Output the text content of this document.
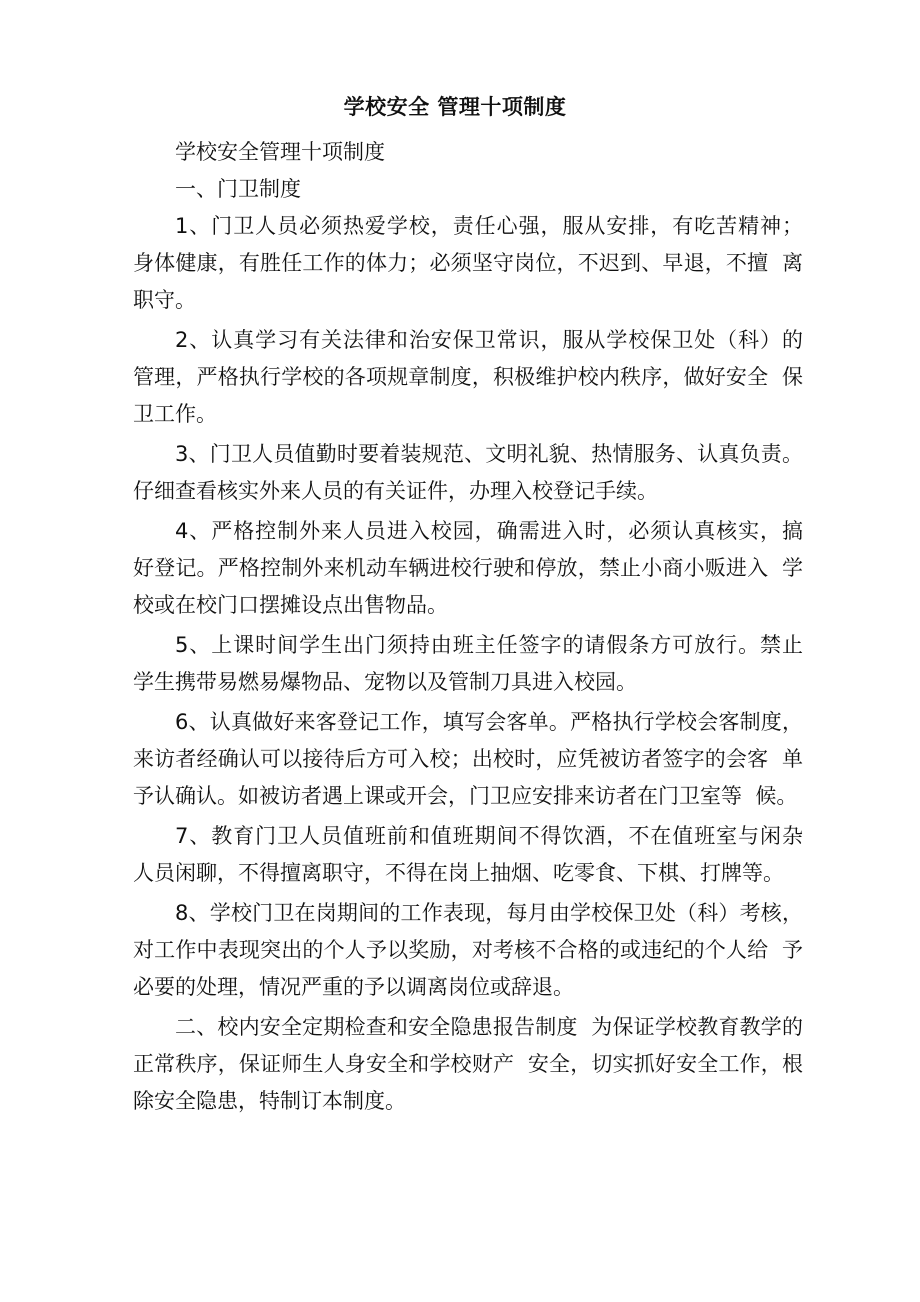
学校安全 管理十项制度

学校安全管理十项制度

一、门卫制度

1、门卫人员必须热爱学校，责任心强，服从安排，有吃苦精神；  身体健康，有胜任工作的体力；必须坚守岗位，不迟到、早退，不擅  离职守。

2、认真学习有关法律和治安保卫常识，服从学校保卫处（科）的  管理，严格执行学校的各项规章制度，积极维护校内秩序，做好安全  保卫工作。

3、门卫人员值勤时要着装规范、文明礼貌、热情服务、认真负责。  仔细查看核实外来人员的有关证件，办理入校登记手续。

4、严格控制外来人员进入校园，确需进入时，必须认真核实，搞  好登记。严格控制外来机动车辆进校行驶和停放，禁止小商小贩进入  学校或在校门口摆摊设点出售物品。

5、上课时间学生出门须持由班主任签字的请假条方可放行。禁止  学生携带易燃易爆物品、宠物以及管制刀具进入校园。

6、认真做好来客登记工作，填写会客单。严格执行学校会客制度，  来访者经确认可以接待后方可入校；出校时，应凭被访者签字的会客  单予认确认。如被访者遇上课或开会，门卫应安排来访者在门卫室等  候。

7、教育门卫人员值班前和值班期间不得饮酒，不在值班室与闲杂  人员闲聊，不得擅离职守，不得在岗上抽烟、吃零食、下棋、打牌等。

8、学校门卫在岗期间的工作表现，每月由学校保卫处（科）考核，  对工作中表现突出的个人予以奖励，对考核不合格的或违纪的个人给  予必要的处理，情况严重的予以调离岗位或辞退。

二、校内安全定期检查和安全隐患报告制度  为保证学校教育教学的正常秩序，保证师生人身安全和学校财产  安全，切实抓好安全工作，根除安全隐患，特制订本制度。
